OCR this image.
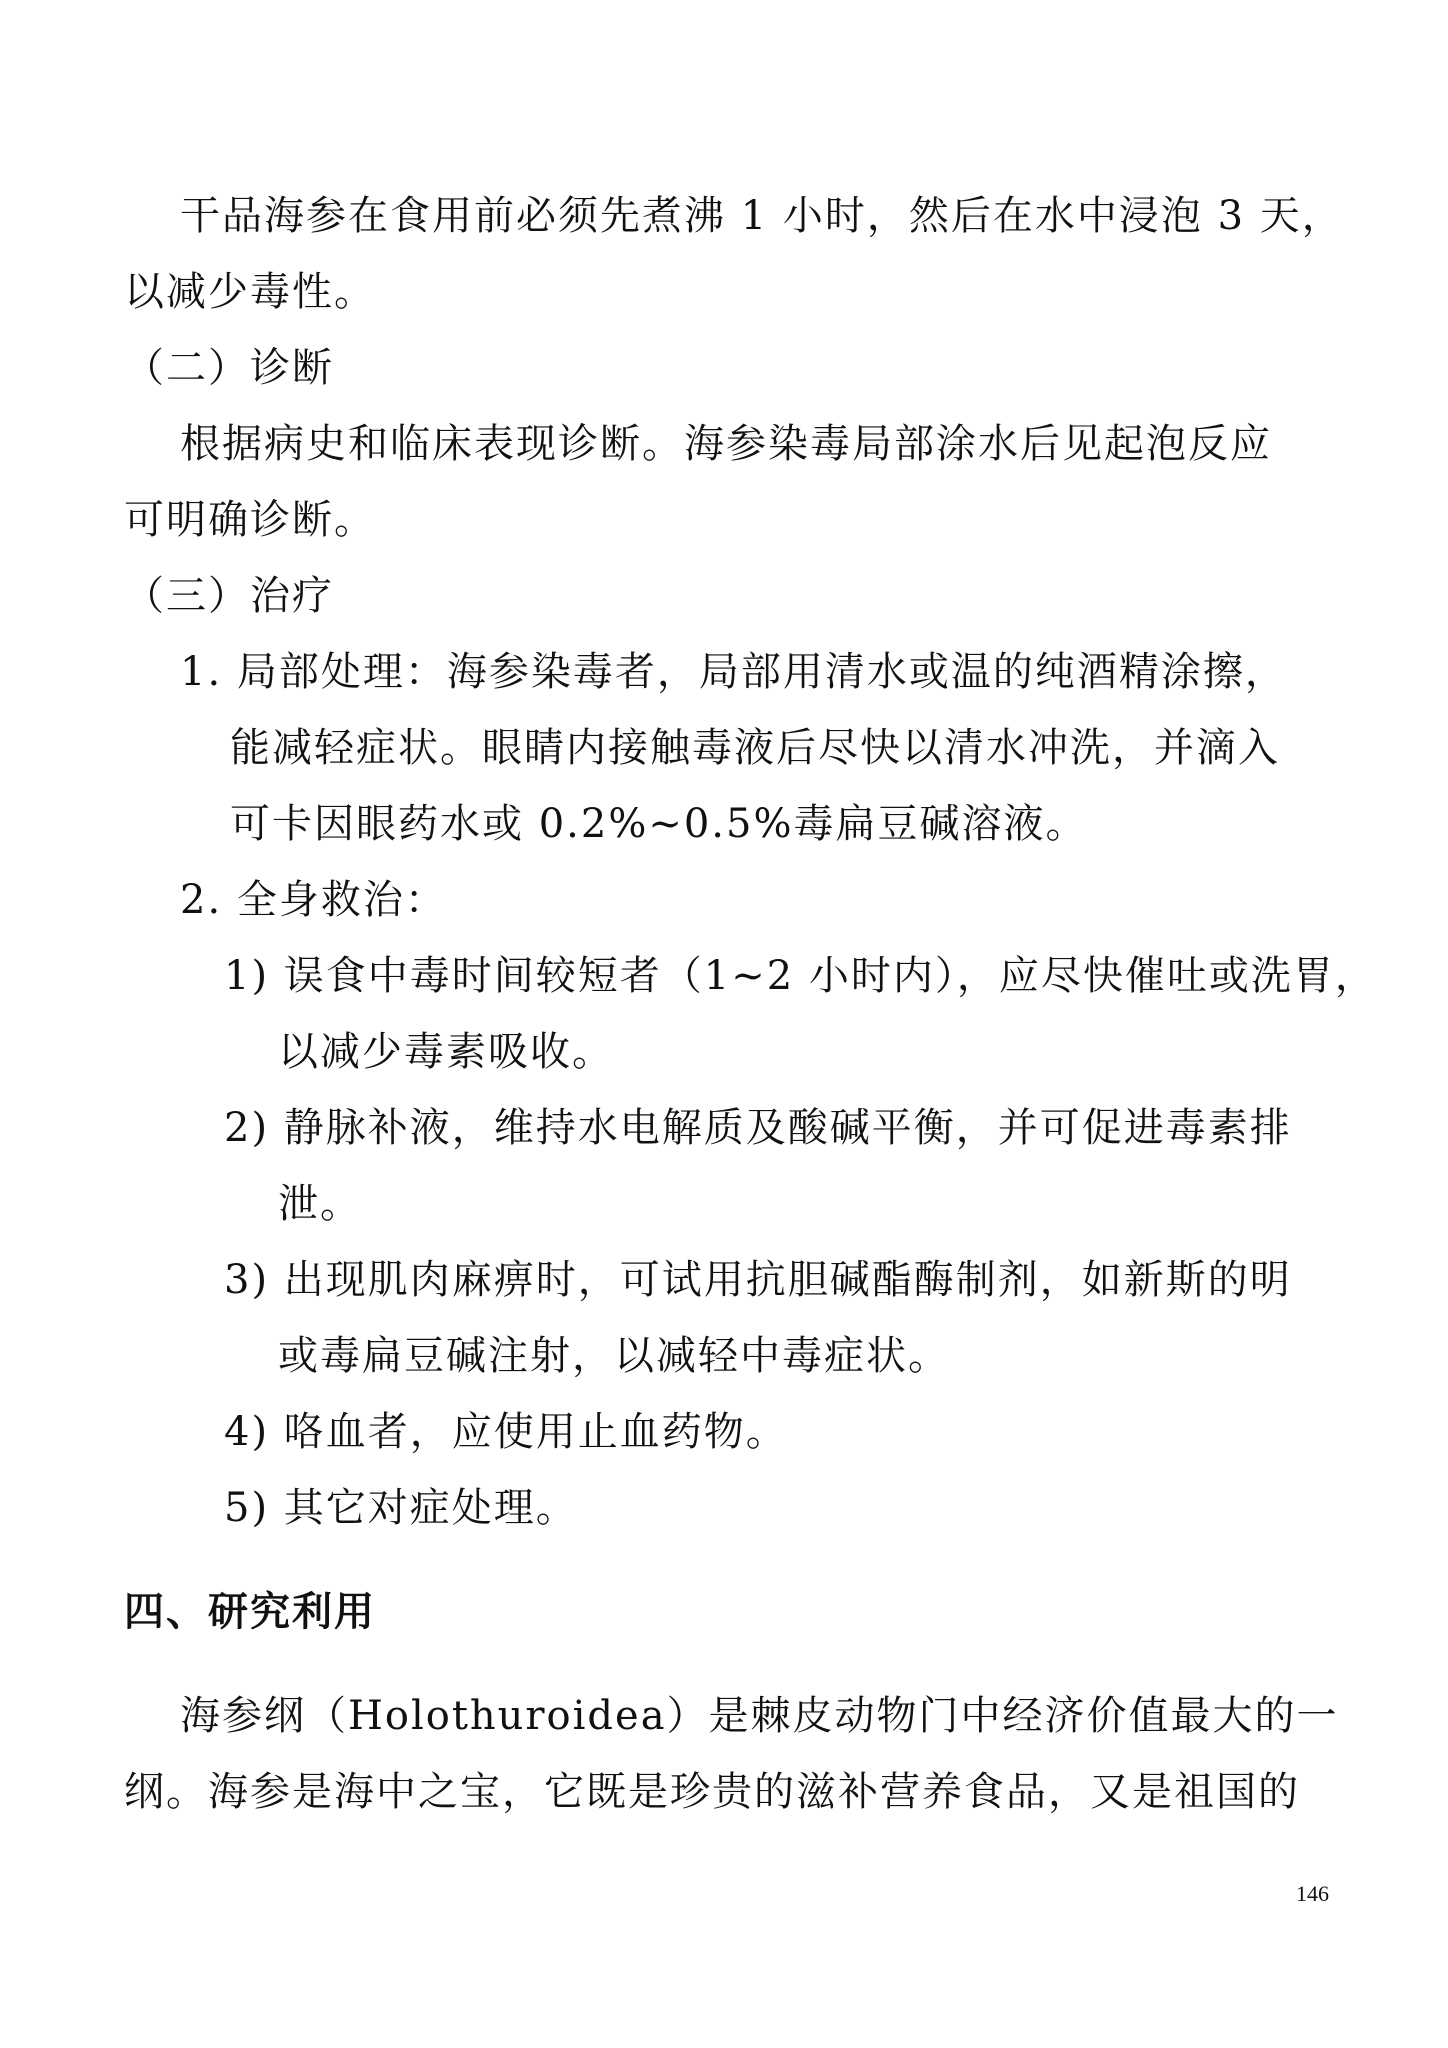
干品海参在食用前必须先煮沸 1 小时，然后在水中浸泡 3 天，

以减少毒性。

（二）诊断

根据病史和临床表现诊断。海参染毒局部涂水后见起泡反应

可明确诊断。

（三）治疗

1. 局部处理：海参染毒者，局部用清水或温的纯酒精涂擦，

能减轻症状。眼睛内接触毒液后尽快以清水冲洗，并滴入

可卡因眼药水或 0.2%~0.5%毒扁豆碱溶液。

2. 全身救治：

1) 误食中毒时间较短者（1~2 小时内），应尽快催吐或洗胃，

以减少毒素吸收。

2) 静脉补液，维持水电解质及酸碱平衡，并可促进毒素排

泄。

3) 出现肌肉麻痹时，可试用抗胆碱酯酶制剂，如新斯的明

或毒扁豆碱注射，以减轻中毒症状。

4) 咯血者，应使用止血药物。

5) 其它对症处理。

四、研究利用

海参纲（Holothuroidea）是棘皮动物门中经济价值最大的一

纲。海参是海中之宝，它既是珍贵的滋补营养食品，又是祖国的

146
